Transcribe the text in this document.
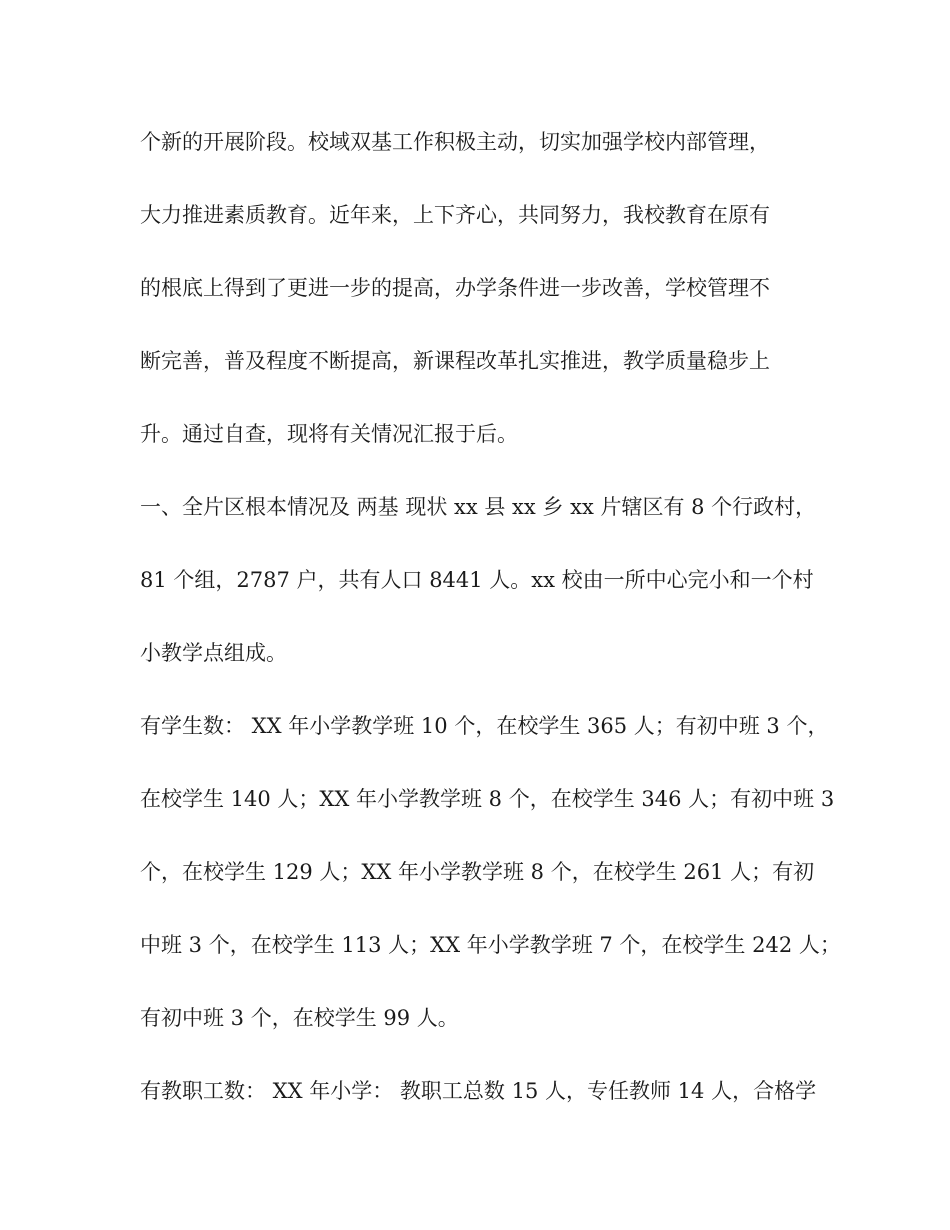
个新的开展阶段。校域双基工作积极主动，切实加强学校内部管理，
大力推进素质教育。近年来，上下齐心，共同努力，我校教育在原有
的根底上得到了更进一步的提高，办学条件进一步改善，学校管理不
断完善，普及程度不断提高，新课程改革扎实推进，教学质量稳步上
升。通过自查，现将有关情况汇报于后。
一、全片区根本情况及 两基 现状 xx 县 xx 乡 xx 片辖区有 8 个行政村，
81 个组，2787 户，共有人口 8441 人。xx 校由一所中心完小和一个村
小教学点组成。
有学生数： XX 年小学教学班 10 个，在校学生 365 人；有初中班 3 个，
在校学生 140 人；XX 年小学教学班 8 个，在校学生 346 人；有初中班 3
个，在校学生 129 人；XX 年小学教学班 8 个，在校学生 261 人；有初
中班 3 个，在校学生 113 人；XX 年小学教学班 7 个，在校学生 242 人；
有初中班 3 个，在校学生 99 人。
有教职工数： XX 年小学： 教职工总数 15 人，专任教师 14 人，合格学
